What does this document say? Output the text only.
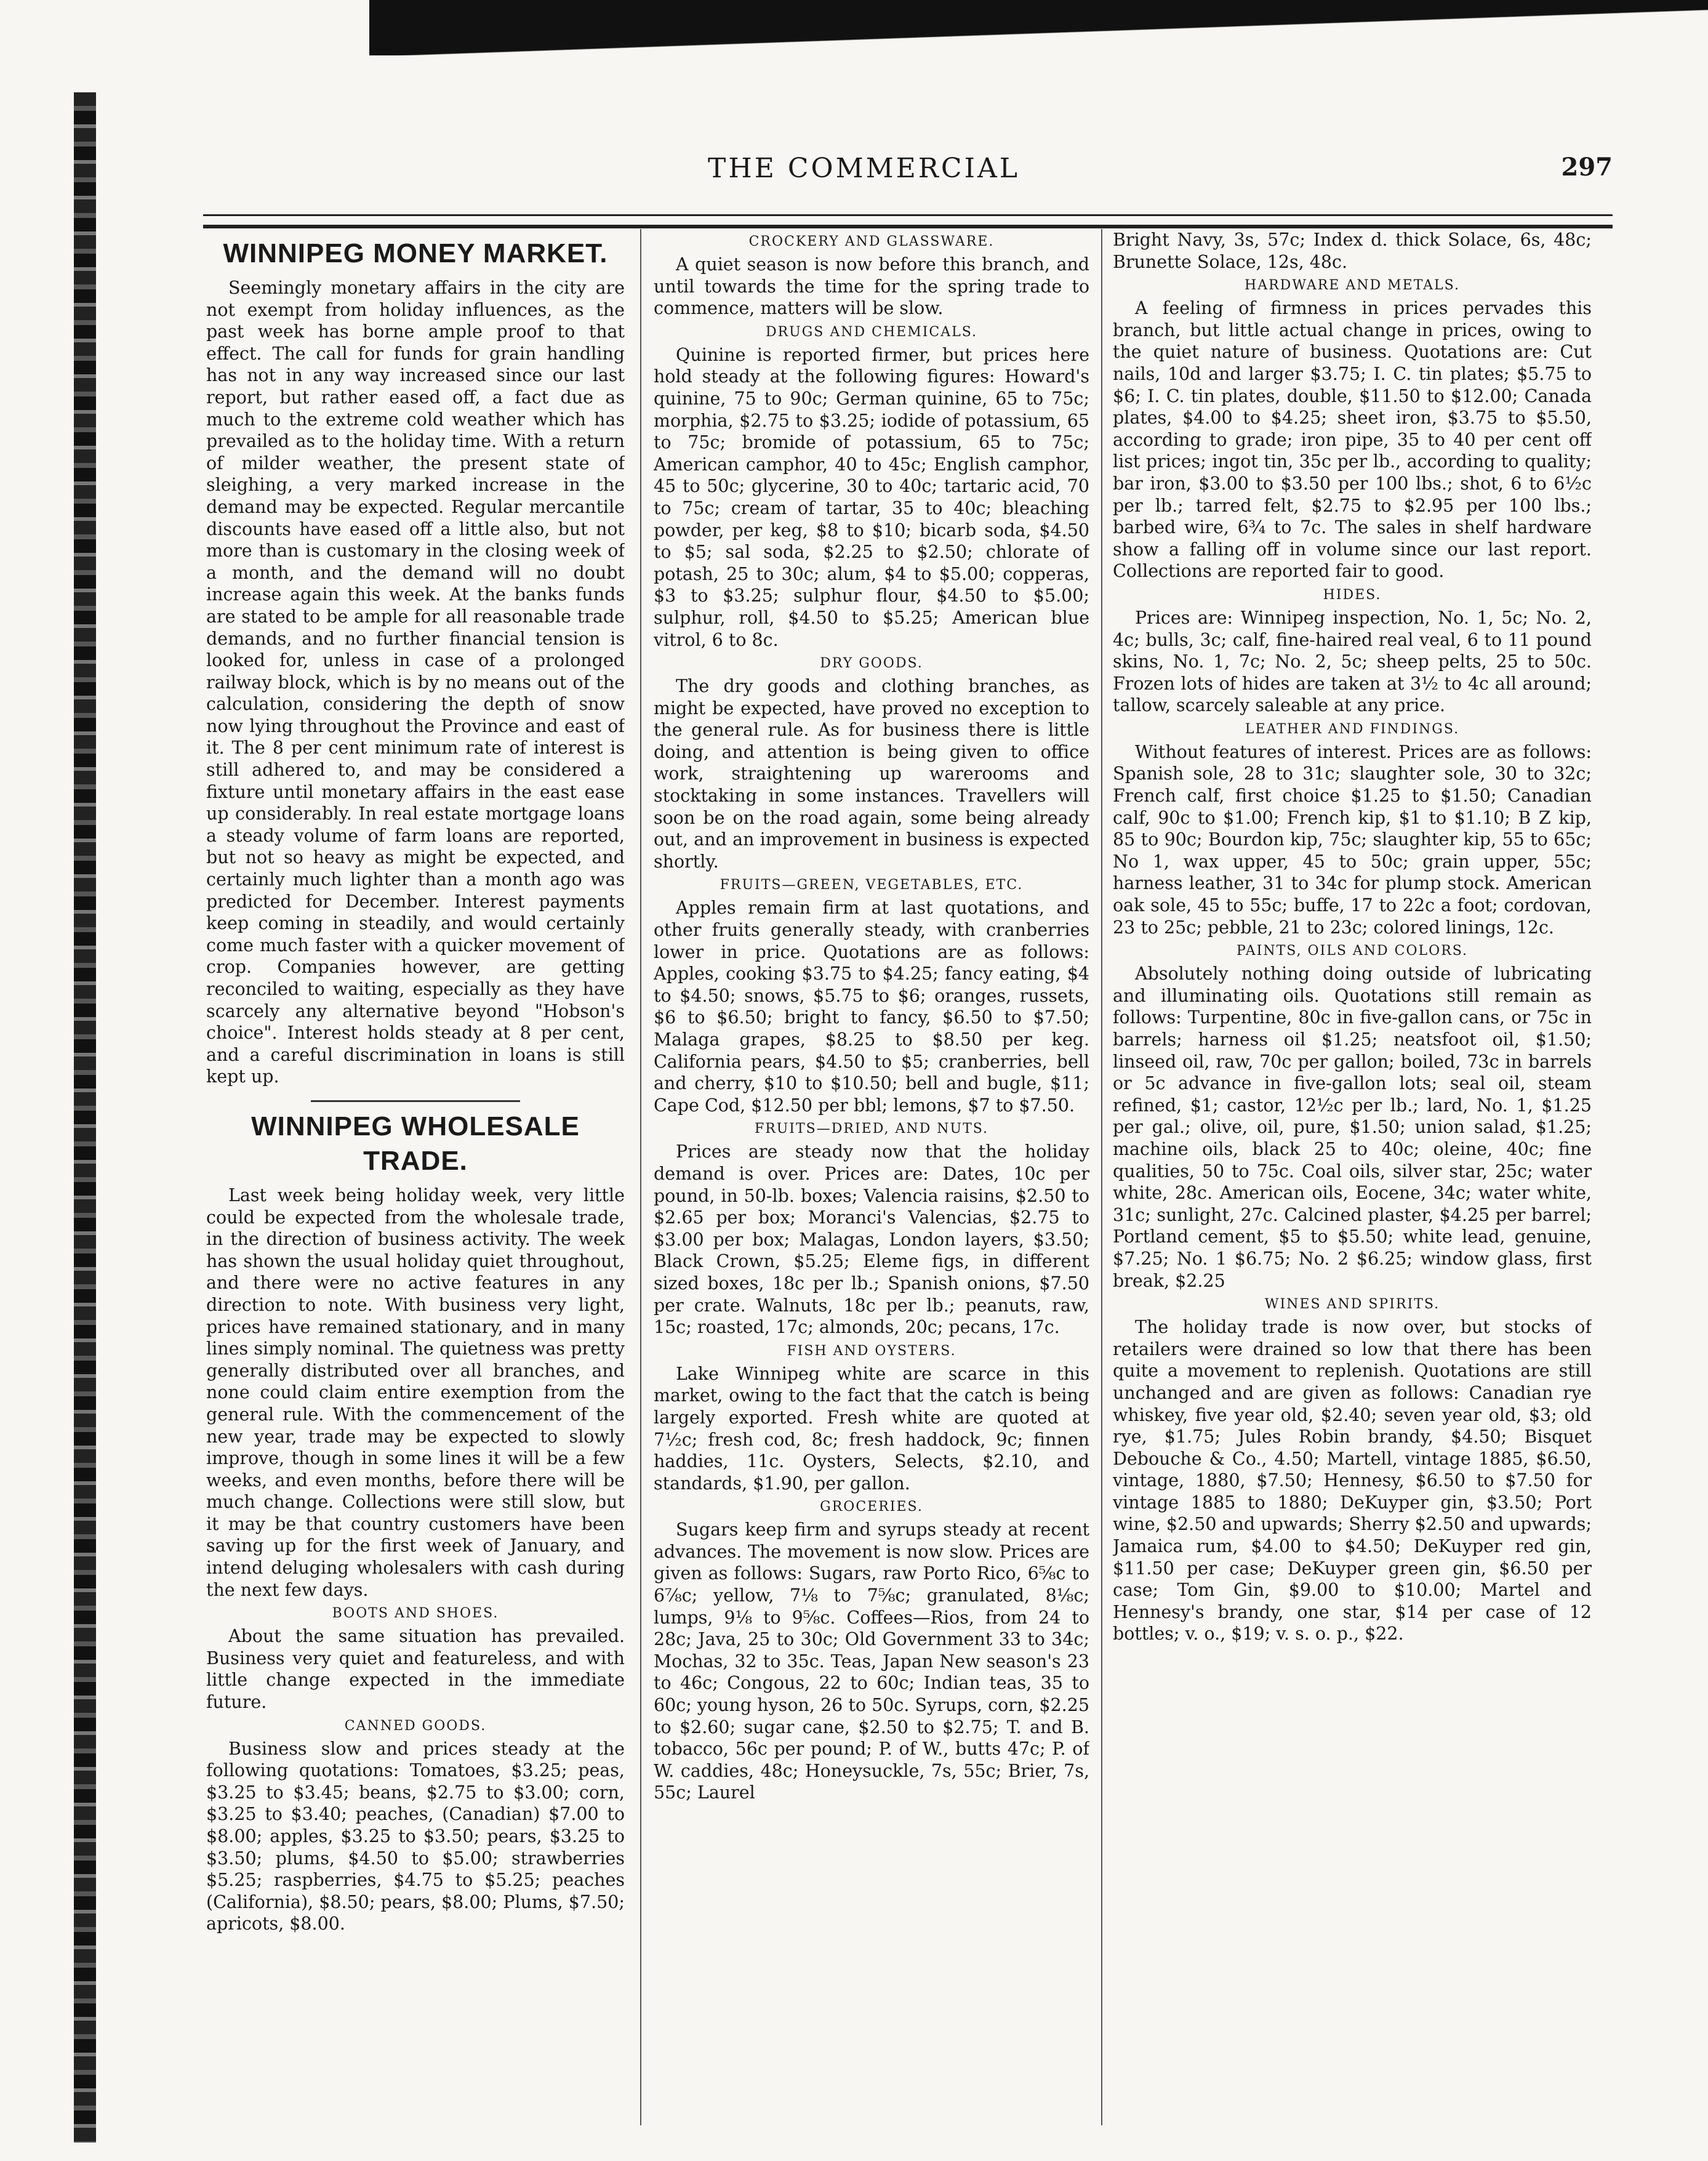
THE COMMERCIAL	297
WINNIPEG MONEY MARKET.

Seemingly monetary affairs in the city are not exempt from holiday influences, as the past week has borne ample proof to that effect. The call for funds for grain handling has not in any way increased since our last report, but rather eased off, a fact due as much to the extreme cold weather which has prevailed as to the holiday time. With a return of milder weather, the present state of sleighing, a very marked increase in the demand may be expected. Regular mercantile discounts have eased off a little also, but not more than is customary in the closing week of a month, and the demand will no doubt increase again this week. At the banks funds are stated to be ample for all reasonable trade demands, and no further financial tension is looked for, unless in case of a prolonged railway block, which is by no means out of the calculation, considering the depth of snow now lying throughout the Province and east of it. The 8 per cent minimum rate of interest is still adhered to, and may be considered a fixture until monetary affairs in the east ease up considerably. In real estate mortgage loans a steady volume of farm loans are reported, but not so heavy as might be expected, and certainly much lighter than a month ago was predicted for December. Interest payments keep coming in steadily, and would certainly come much faster with a quicker movement of crop. Companies however, are getting reconciled to waiting, especially as they have scarcely any alternative beyond "Hobson's choice". Interest holds steady at 8 per cent, and a careful discrimination in loans is still kept up.

WINNIPEG WHOLESALE TRADE.

Last week being holiday week, very little could be expected from the wholesale trade, in the direction of business activity. The week has shown the usual holiday quiet throughout, and there were no active features in any direction to note. With business very light, prices have remained stationary, and in many lines simply nominal. The quietness was pretty generally distributed over all branches, and none could claim entire exemption from the general rule. With the commencement of the new year, trade may be expected to slowly improve, though in some lines it will be a few weeks, and even months, before there will be much change. Collections were still slow, but it may be that country customers have been saving up for the first week of January, and intend deluging wholesalers with cash during the next few days.

BOOTS AND SHOES.

About the same situation has prevailed. Business very quiet and featureless, and with little change expected in the immediate future.

CANNED GOODS.

Business slow and prices steady at the following quotations: Tomatoes, $3.25; peas, $3.25 to $3.45; beans, $2.75 to $3.00; corn, $3.25 to $3.40; peaches, (Canadian) $7.00 to $8.00; apples, $3.25 to $3.50; pears, $3.25 to $3.50; plums, $4.50 to $5.00; strawberries $5.25; raspberries, $4.75 to $5.25; peaches (California), $8.50; pears, $8.00; Plums, $7.50; apricots, $8.00.

CROCKERY AND GLASSWARE.

A quiet season is now before this branch, and until towards the time for the spring trade to commence, matters will be slow.

DRUGS AND CHEMICALS.

Quinine is reported firmer, but prices here hold steady at the following figures: Howard's quinine, 75 to 90c; German quinine, 65 to 75c; morphia, $2.75 to $3.25; iodide of potassium, 65 to 75c; bromide of potassium, 65 to 75c; American camphor, 40 to 45c; English camphor, 45 to 50c; glycerine, 30 to 40c; tartaric acid, 70 to 75c; cream of tartar, 35 to 40c; bleaching powder, per keg, $8 to $10; bicarb soda, $4.50 to $5; sal soda, $2.25 to $2.50; chlorate of potash, 25 to 30c; alum, $4 to $5.00; copperas, $3 to $3.25; sulphur flour, $4.50 to $5.00; sulphur, roll, $4.50 to $5.25; American blue vitrol, 6 to 8c.

DRY GOODS.

The dry goods and clothing branches, as might be expected, have proved no exception to the general rule. As for business there is little doing, and attention is being given to office work, straightening up warerooms and stocktaking in some instances. Travellers will soon be on the road again, some being already out, and an improvement in business is expected shortly.

FRUITS—GREEN, VEGETABLES, ETC.

Apples remain firm at last quotations, and other fruits generally steady, with cranberries lower in price. Quotations are as follows: Apples, cooking $3.75 to $4.25; fancy eating, $4 to $4.50; snows, $5.75 to $6; oranges, russets, $6 to $6.50; bright to fancy, $6.50 to $7.50; Malaga grapes, $8.25 to $8.50 per keg. California pears, $4.50 to $5; cranberries, bell and cherry, $10 to $10.50; bell and bugle, $11; Cape Cod, $12.50 per bbl; lemons, $7 to $7.50.

FRUITS—DRIED, AND NUTS.

Prices are steady now that the holiday demand is over. Prices are: Dates, 10c per pound, in 50-lb. boxes; Valencia raisins, $2.50 to $2.65 per box; Moranci's Valencias, $2.75 to $3.00 per box; Malagas, London layers, $3.50; Black Crown, $5.25; Eleme figs, in different sized boxes, 18c per lb.; Spanish onions, $7.50 per crate. Walnuts, 18c per lb.; peanuts, raw, 15c; roasted, 17c; almonds, 20c; pecans, 17c.

FISH AND OYSTERS.

Lake Winnipeg white are scarce in this market, owing to the fact that the catch is being largely exported. Fresh white are quoted at 7½c; fresh cod, 8c; fresh haddock, 9c; finnen haddies, 11c. Oysters, Selects, $2.10, and standards, $1.90, per gallon.

GROCERIES.

Sugars keep firm and syrups steady at recent advances. The movement is now slow. Prices are given as follows: Sugars, raw Porto Rico, 6⅝c to 6⅞c; yellow, 7⅛ to 7⅝c; granulated, 8⅛c; lumps, 9⅛ to 9⅝c. Coffees—Rios, from 24 to 28c; Java, 25 to 30c; Old Government 33 to 34c; Mochas, 32 to 35c. Teas, Japan New season's 23 to 46c; Congous, 22 to 60c; Indian teas, 35 to 60c; young hyson, 26 to 50c. Syrups, corn, $2.25 to $2.60; sugar cane, $2.50 to $2.75; T. and B. tobacco, 56c per pound; P. of W., butts 47c; P. of W. caddies, 48c; Honeysuckle, 7s, 55c; Brier, 7s, 55c; Laurel

Bright Navy, 3s, 57c; Index d. thick Solace, 6s, 48c; Brunette Solace, 12s, 48c.

HARDWARE AND METALS.

A feeling of firmness in prices pervades this branch, but little actual change in prices, owing to the quiet nature of business. Quotations are: Cut nails, 10d and larger $3.75; I. C. tin plates; $5.75 to $6; I. C. tin plates, double, $11.50 to $12.00; Canada plates, $4.00 to $4.25; sheet iron, $3.75 to $5.50, according to grade; iron pipe, 35 to 40 per cent off list prices; ingot tin, 35c per lb., according to quality; bar iron, $3.00 to $3.50 per 100 lbs.; shot, 6 to 6½c per lb.; tarred felt, $2.75 to $2.95 per 100 lbs.; barbed wire, 6¾ to 7c. The sales in shelf hardware show a falling off in volume since our last report. Collections are reported fair to good.

HIDES.

Prices are: Winnipeg inspection, No. 1, 5c; No. 2, 4c; bulls, 3c; calf, fine-haired real veal, 6 to 11 pound skins, No. 1, 7c; No. 2, 5c; sheep pelts, 25 to 50c. Frozen lots of hides are taken at 3½ to 4c all around; tallow, scarcely saleable at any price.

LEATHER AND FINDINGS.

Without features of interest. Prices are as follows: Spanish sole, 28 to 31c; slaughter sole, 30 to 32c; French calf, first choice $1.25 to $1.50; Canadian calf, 90c to $1.00; French kip, $1 to $1.10; B Z kip, 85 to 90c; Bourdon kip, 75c; slaughter kip, 55 to 65c; No 1, wax upper, 45 to 50c; grain upper, 55c; harness leather, 31 to 34c for plump stock. American oak sole, 45 to 55c; buffe, 17 to 22c a foot; cordovan, 23 to 25c; pebble, 21 to 23c; colored linings, 12c.

PAINTS, OILS AND COLORS.

Absolutely nothing doing outside of lubricating and illuminating oils. Quotations still remain as follows: Turpentine, 80c in five-gallon cans, or 75c in barrels; harness oil $1.25; neatsfoot oil, $1.50; linseed oil, raw, 70c per gallon; boiled, 73c in barrels or 5c advance in five-gallon lots; seal oil, steam refined, $1; castor, 12½c per lb.; lard, No. 1, $1.25 per gal.; olive, oil, pure, $1.50; union salad, $1.25; machine oils, black 25 to 40c; oleine, 40c; fine qualities, 50 to 75c. Coal oils, silver star, 25c; water white, 28c. American oils, Eocene, 34c; water white, 31c; sunlight, 27c. Calcined plaster, $4.25 per barrel; Portland cement, $5 to $5.50; white lead, genuine, $7.25; No. 1 $6.75; No. 2 $6.25; window glass, first break, $2.25

WINES AND SPIRITS.

The holiday trade is now over, but stocks of retailers were drained so low that there has been quite a movement to replenish. Quotations are still unchanged and are given as follows: Canadian rye whiskey, five year old, $2.40; seven year old, $3; old rye, $1.75; Jules Robin brandy, $4.50; Bisquet Debouche & Co., 4.50; Martell, vintage 1885, $6.50, vintage, 1880, $7.50; Hennesy, $6.50 to $7.50 for vintage 1885 to 1880; DeKuyper gin, $3.50; Port wine, $2.50 and upwards; Sherry $2.50 and upwards; Jamaica rum, $4.00 to $4.50; DeKuyper red gin, $11.50 per case; DeKuyper green gin, $6.50 per case; Tom Gin, $9.00 to $10.00; Martel and Hennesy's brandy, one star, $14 per case of 12 bottles; v. o., $19; v. s. o. p., $22.
